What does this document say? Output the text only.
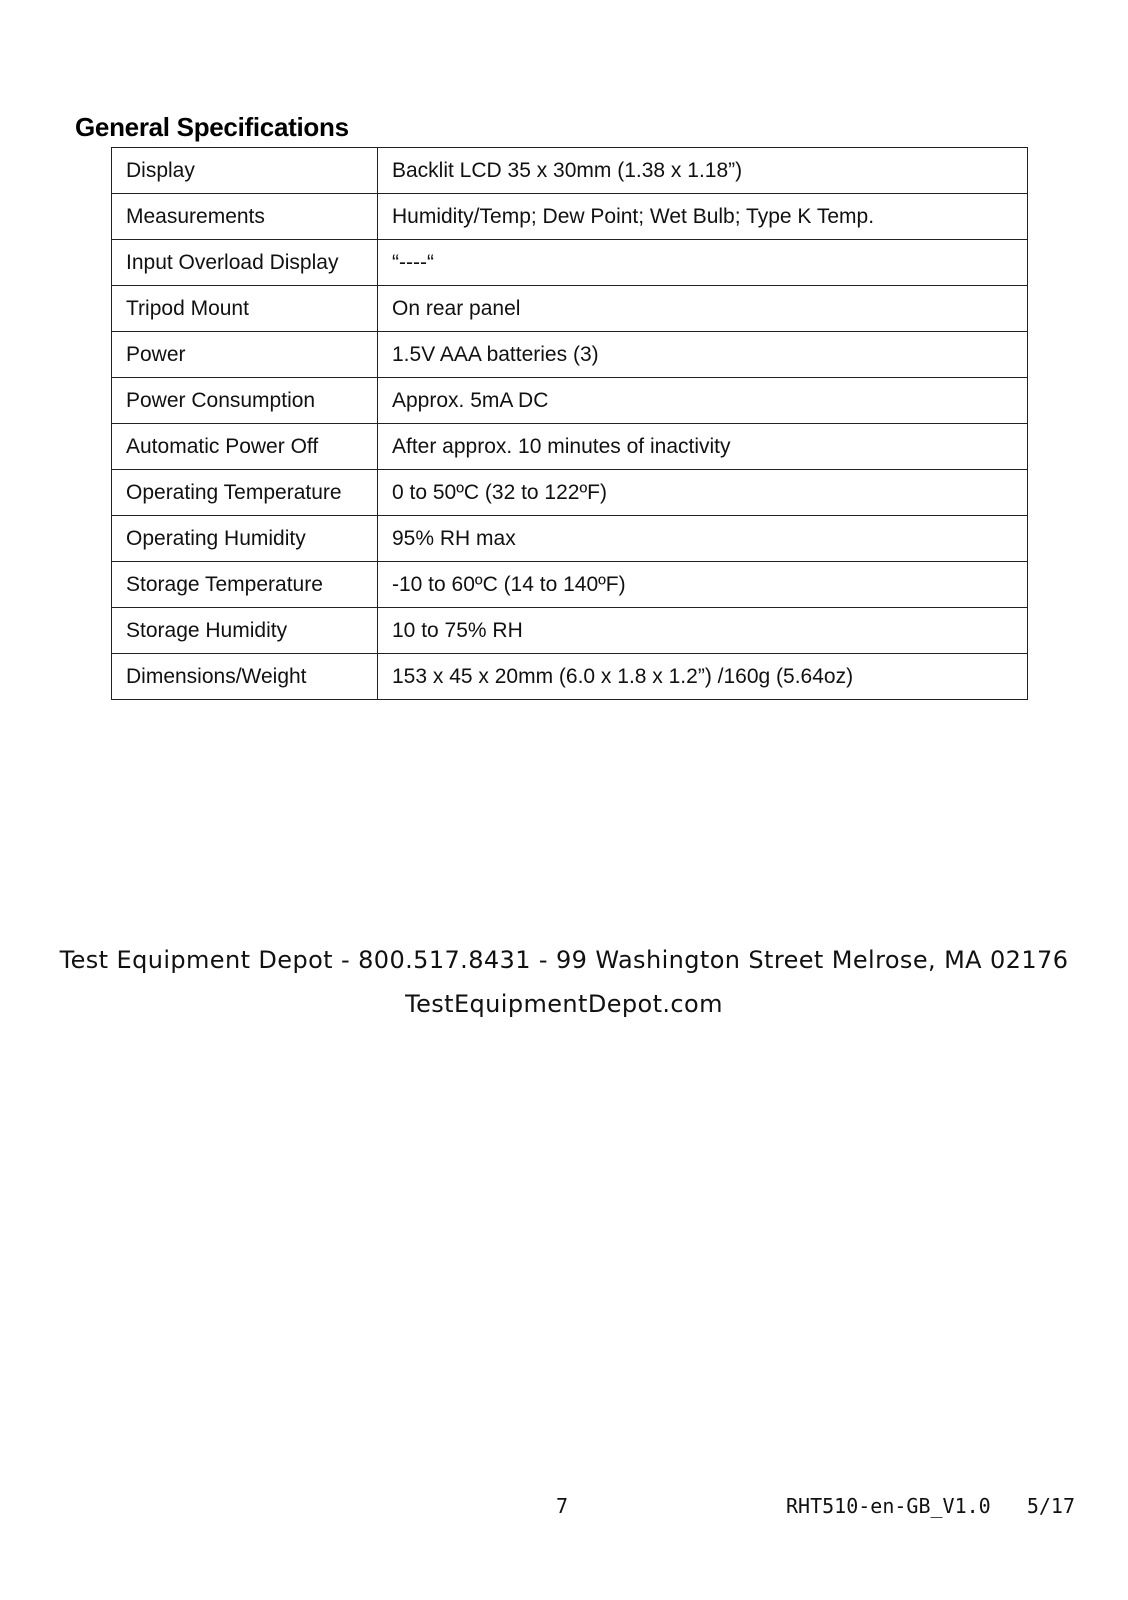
General Specifications
Display	Backlit LCD 35 x 30mm (1.38 x 1.18”)
Measurements	Humidity/Temp; Dew Point; Wet Bulb; Type K Temp.
Input Overload Display	“----“
Tripod Mount	On rear panel
Power	1.5V AAA batteries (3)
Power Consumption	Approx. 5mA DC
Automatic Power Off	After approx. 10 minutes of inactivity
Operating Temperature	0 to 50ºC (32 to 122ºF)
Operating Humidity	95% RH max
Storage Temperature	-10 to 60ºC (14 to 140ºF)
Storage Humidity	10 to 75% RH
Dimensions/Weight	153 x 45 x 20mm (6.0 x 1.8 x 1.2”) /160g (5.64oz)
Test Equipment Depot - 800.517.8431 - 99 Washington Street Melrose, MA 02176
TestEquipmentDepot.com
7	RHT510-en-GB_V1.0   5/17
